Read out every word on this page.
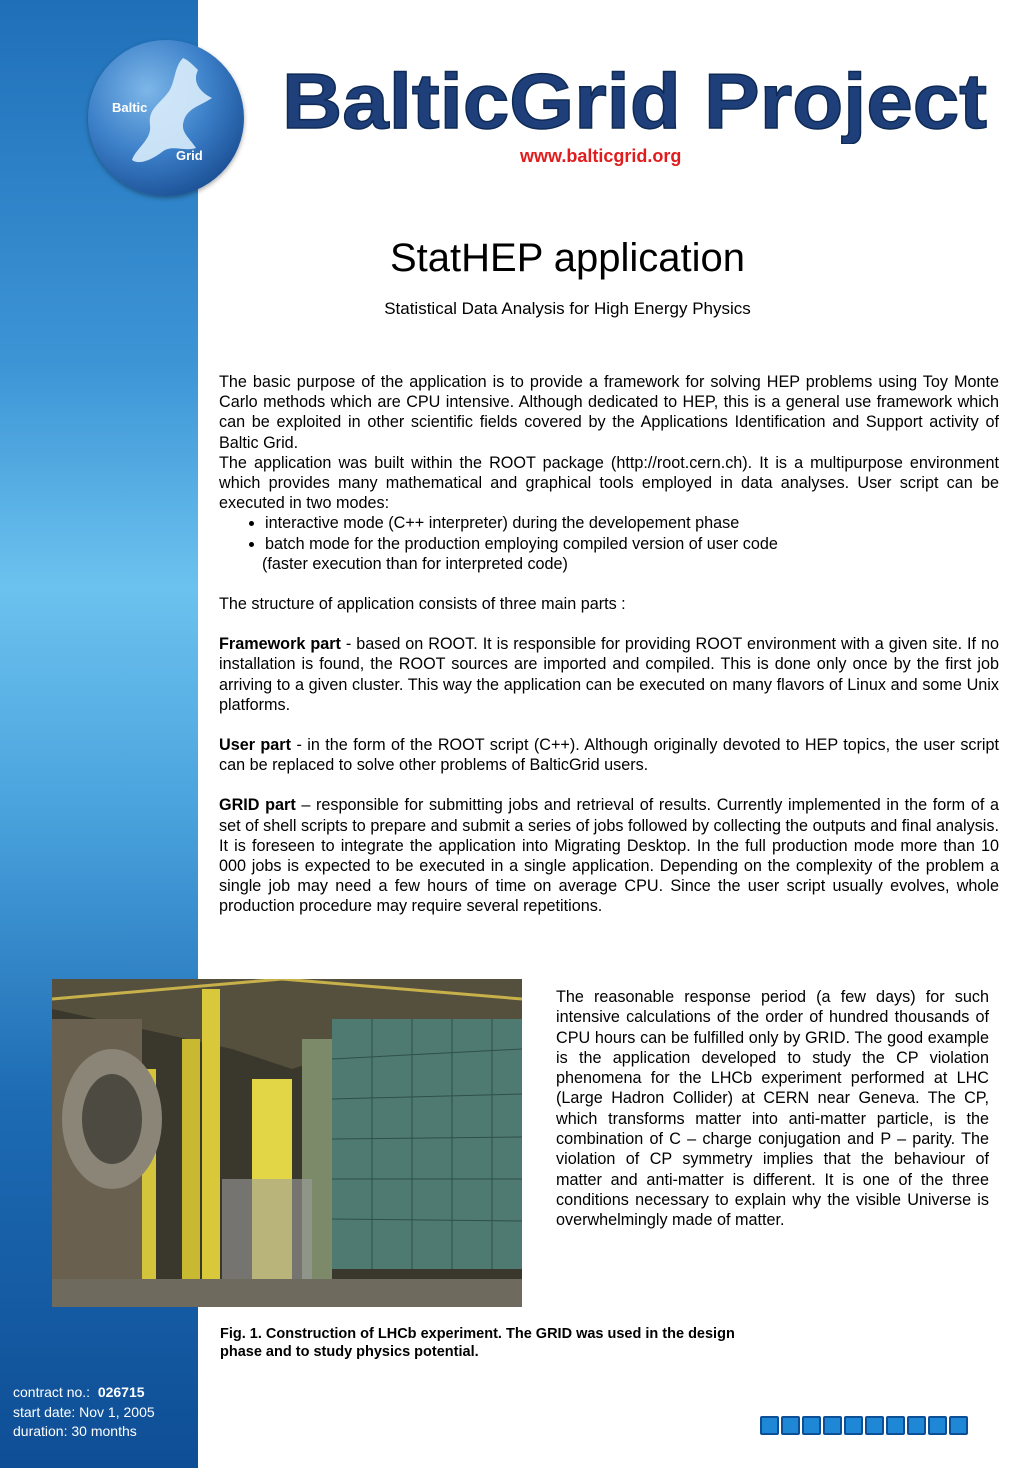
Baltic
Grid
BalticGrid Project
www.balticgrid.org
StatHEP application
Statistical Data Analysis for High Energy Physics

The basic purpose of the application is to provide a framework for solving HEP problems using Toy Monte Carlo methods which are CPU intensive. Although dedicated to HEP, this is a general use framework which can be exploited in other scientific fields covered by the Applications Identification and Support activity of Baltic Grid.

The application was built within the ROOT package (http://root.cern.ch). It is a multipurpose environment which provides many mathematical and graphical tools employed in data analyses. User script can be executed in two modes:

• interactive mode (C++ interpreter) during the developement phase
• batch mode for the production employing compiled version of user code

(faster execution than for interpreted code)

The structure of application consists of three main parts :

Framework part - based on ROOT. It is responsible for providing ROOT environment with a given site. If no installation is found, the ROOT sources are imported and compiled. This is done only once by the first job arriving to a given cluster. This way the application can be executed on many flavors of Linux and some Unix platforms.

User part - in the form of the ROOT script (C++). Although originally devoted to HEP topics, the user script can be replaced to solve other problems of BalticGrid users.

GRID part – responsible for submitting jobs and retrieval of results. Currently implemented in the form of a set of shell scripts to prepare and submit a series of jobs followed by collecting the outputs and final analysis. It is foreseen to integrate the application into Migrating Desktop. In the full production mode more than 10 000 jobs is expected to be executed in a single application. Depending on the complexity of the problem a single job may need a few hours of time on average CPU. Since the user script usually evolves, whole production procedure may require several repetitions.

The reasonable response period (a few days) for such intensive calculations of the order of hundred thousands of CPU hours can be fulfilled only by GRID. The good example is the application developed to study the CP violation phenomena for the LHCb experiment performed at LHC (Large Hadron Collider) at CERN near Geneva. The CP, which transforms matter into anti-matter particle, is the combination of C – charge conjugation and P – parity. The violation of CP symmetry implies that the behaviour of matter and anti-matter is different. It is one of the three conditions necessary to explain why the visible Universe is overwhelmingly made of matter.
Fig. 1. Construction of LHCb experiment. The GRID was used in the design phase and to study physics potential.
contract no.: 026715
start date: Nov 1, 2005
duration: 30 months
